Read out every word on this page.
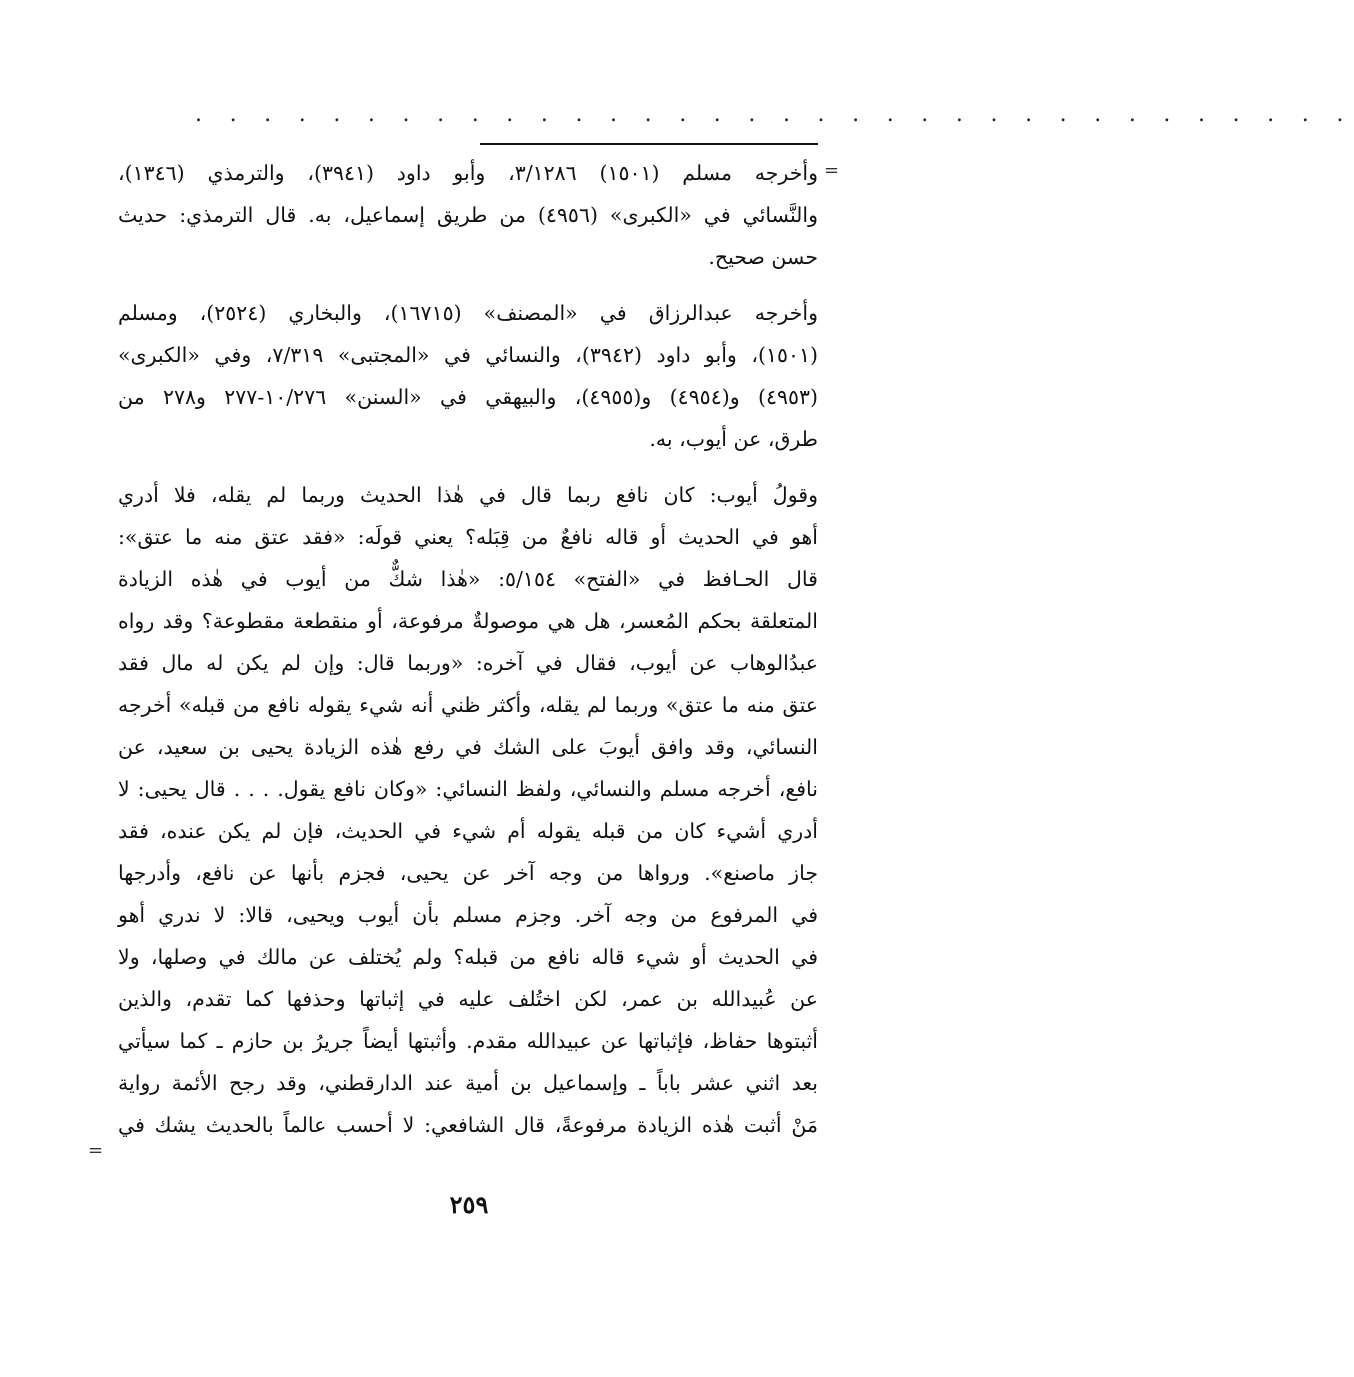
. . . . . . . . . . . . . . . . . . . . . . . . . . . . . . . . . .
=
وأخرجه مسلم (١٥٠١) ٣/١٢٨٦، وأبو داود (٣٩٤١)، والترمذي (١٣٤٦)،
والنَّسائي في «الكبرى» (٤٩٥٦) من طريق إسماعيل، به. قال الترمذي: حديث
حسن صحيح.
وأخرجه عبدالرزاق في «المصنف» (١٦٧١٥)، والبخاري (٢٥٢٤)، ومسلم
(١٥٠١)، وأبو داود (٣٩٤٢)، والنسائي في «المجتبى» ٧/٣١٩، وفي «الكبرى»
(٤٩٥٣) و(٤٩٥٤) و(٤٩٥٥)، والبيهقي في «السنن» ١٠/٢٧٦-٢٧٧ و٢٧٨ من
طرق، عن أيوب، به.
وقولُ أيوب: كان نافع ربما قال في هٰذا الحديث وربما لم يقله، فلا أدري
أهو في الحديث أو قاله نافعٌ من قِبَله؟ يعني قولَه: «فقد عتق منه ما عتق»:
قال الحـافظ في «الفتح» ٥/١٥٤: «هٰذا شكٌّ من أيوب في هٰذه الزيادة
المتعلقة بحكم المُعسر، هل هي موصولةٌ مرفوعة، أو منقطعة مقطوعة؟ وقد رواه
عبدُالوهاب عن أيوب، فقال في آخره: «وربما قال: وإن لم يكن له مال فقد
عتق منه ما عتق» وربما لم يقله، وأكثر ظني أنه شيء يقوله نافع من قبله» أخرجه
النسائي، وقد وافق أيوبَ على الشك في رفع هٰذه الزيادة يحيى بن سعيد، عن
نافع، أخرجه مسلم والنسائي، ولفظ النسائي: «وكان نافع يقول. . . . قال يحيى: لا
أدري أشيء كان من قبله يقوله أم شيء في الحديث، فإن لم يكن عنده، فقد
جاز ماصنع». ورواها من وجه آخر عن يحيى، فجزم بأنها عن نافع، وأدرجها
في المرفوع من وجه آخر. وجزم مسلم بأن أيوب ويحيى، قالا: لا ندري أهو
في الحديث أو شيء قاله نافع من قبله؟ ولم يُختلف عن مالك في وصلها، ولا
عن عُبيدالله بن عمر، لكن اختُلف عليه في إثباتها وحذفها كما تقدم، والذين
أثبتوها حفاظ، فإثباتها عن عبيدالله مقدم. وأثبتها أيضاً جريرُ بن حازم ـ كما سيأتي
بعد اثني عشر باباً ـ وإسماعيل بن أمية عند الدارقطني، وقد رجح الأئمة رواية
مَنْ أثبت هٰذه الزيادة مرفوعةً، قال الشافعي: لا أحسب عالماً بالحديث يشك في
=
٢٥٩
